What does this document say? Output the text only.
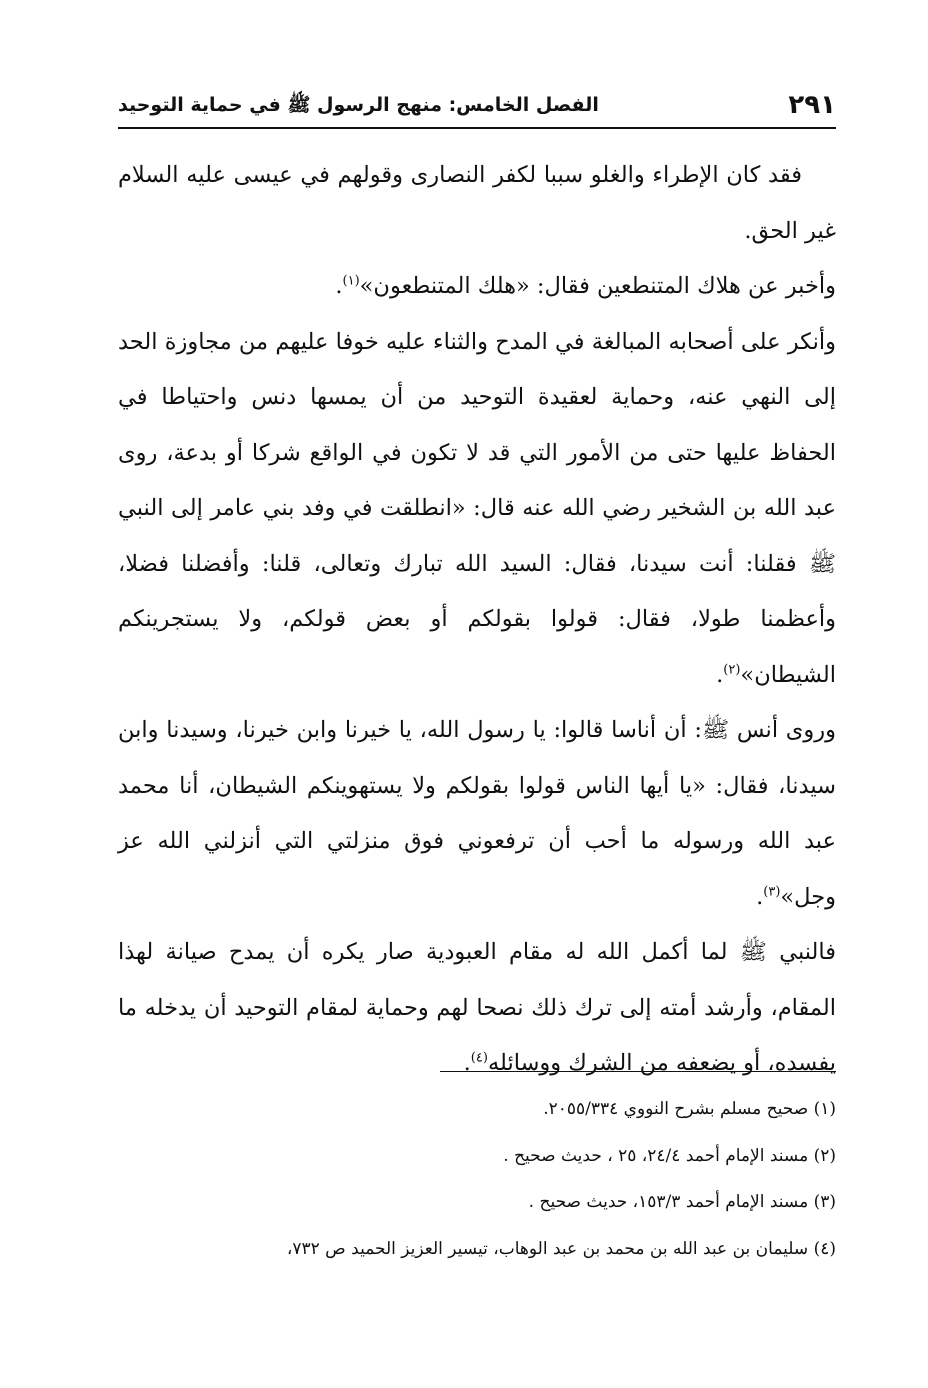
٢٩١
الفصل الخامس: منهج الرسول ﷺ في حماية التوحيد

فقد كان الإطراء والغلو سببا لكفر النصارى وقولهم في عيسى عليه السلام غير الحق.

وأخبر عن هلاك المتنطعين فقال: «هلك المتنطعون»$^{(١)}$.

وأنكر على أصحابه المبالغة في المدح والثناء عليه خوفا عليهم من مجاوزة الحد إلى النهي عنه، وحماية لعقيدة التوحيد من أن يمسها دنس واحتياطا في الحفاظ عليها حتى من الأمور التي قد لا تكون في الواقع شركا أو بدعة، روى عبد الله بن الشخير رضي الله عنه قال: «انطلقت في وفد بني عامر إلى النبي ﷺ فقلنا: أنت سيدنا، فقال: السيد الله تبارك وتعالى، قلنا: وأفضلنا فضلا، وأعظمنا طولا، فقال: قولوا بقولكم أو بعض قولكم، ولا يستجرينكم الشيطان»$^{(٢)}$.

وروى أنس ﷺ: أن أناسا قالوا: يا رسول الله، يا خيرنا وابن خيرنا، وسيدنا وابن سيدنا، فقال: «يا أيها الناس قولوا بقولكم ولا يستهوينكم الشيطان، أنا محمد عبد الله ورسوله ما أحب أن ترفعوني فوق منزلتي التي أنزلني الله عز وجل»$^{(٣)}$.

فالنبي ﷺ لما أكمل الله له مقام العبودية صار يكره أن يمدح صيانة لهذا المقام، وأرشد أمته إلى ترك ذلك نصحا لهم وحماية لمقام التوحيد أن يدخله ما يفسده، أو يضعفه من الشرك ووسائله$^{(٤)}$.

(١) صحيح مسلم بشرح النووي ٢٠٥٥/٣٣٤.

(٢) مسند الإمام أحمد ٢٤/٤، ٢٥ ، حديث صحيح .

(٣) مسند الإمام أحمد ١٥٣/٣، حديث صحيح .

(٤) سليمان بن عبد الله بن محمد بن عبد الوهاب، تيسير العزيز الحميد ص ٧٣٢،
